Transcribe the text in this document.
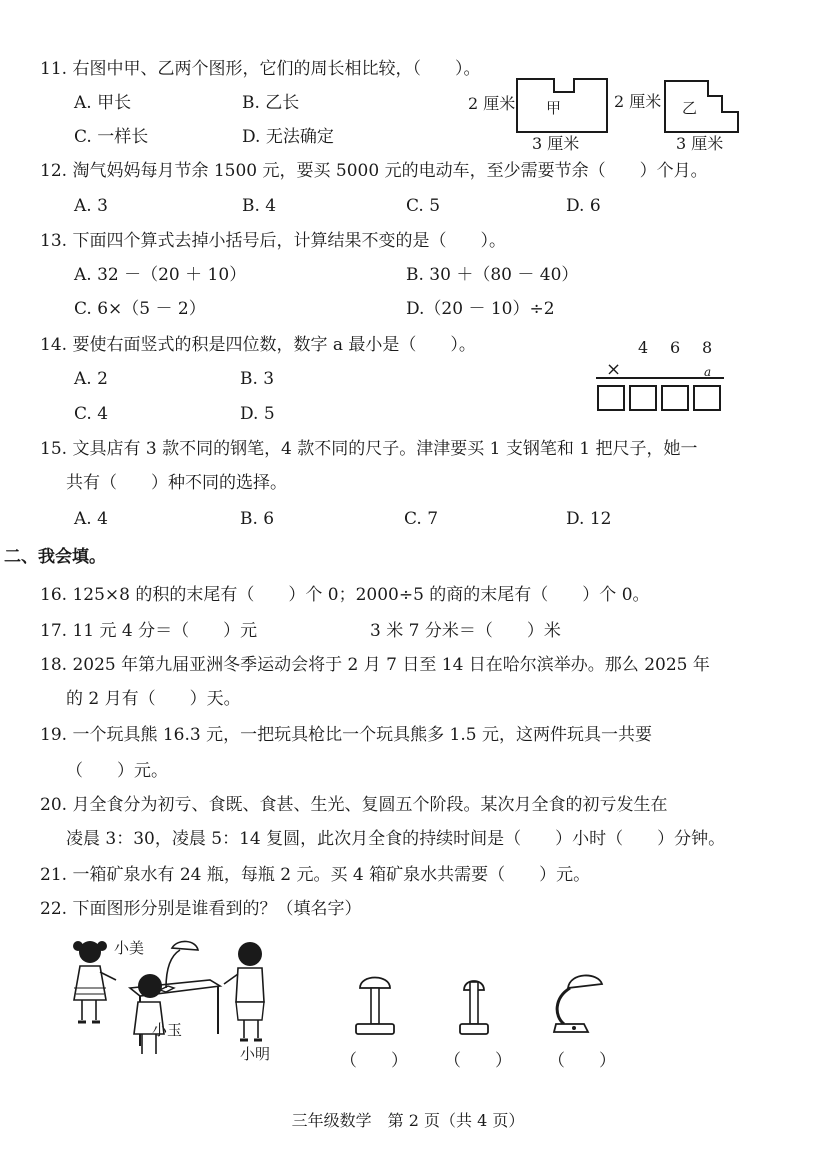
11. 右图中甲、乙两个图形，它们的周长相比较，（　　）。
A. 甲长	B. 乙长
C. 一样长	D. 无法确定
2 厘米 甲
3 厘米
2 厘米 乙
3 厘米
12. 淘气妈妈每月节余 1500 元，要买 5000 元的电动车，至少需要节余（　　）个月。
A. 3	B. 4	C. 5	D. 6
13. 下面四个算式去掉小括号后，计算结果不变的是（　　）。
A. 32 －（20 ＋ 10）	B. 30 ＋（80 － 40）
C. 6×（5 － 2）	D.（20 － 10）÷2
14. 要使右面竖式的积是四位数，数字 a 最小是（　　）。
A. 2	B. 3
C. 4	D. 5
4 6 8
×	a
15. 文具店有 3 款不同的钢笔，4 款不同的尺子。津津要买 1 支钢笔和 1 把尺子，她一
共有（　　）种不同的选择。
A. 4	B. 6	C. 7	D. 12
二、我会填。
16. 125×8 的积的末尾有（　　）个 0；2000÷5 的商的末尾有（　　）个 0。
17. 11 元 4 分＝（　　）元	3 米 7 分米＝（　　）米
18. 2025 年第九届亚洲冬季运动会将于 2 月 7 日至 14 日在哈尔滨举办。那么 2025 年
的 2 月有（　　）天。
19. 一个玩具熊 16.3 元，一把玩具枪比一个玩具熊多 1.5 元，这两件玩具一共要
（　　）元。
20. 月全食分为初亏、食既、食甚、生光、复圆五个阶段。某次月全食的初亏发生在
凌晨 3：30，凌晨 5：14 复圆，此次月全食的持续时间是（　　）小时（　　）分钟。
21. 一箱矿泉水有 24 瓶，每瓶 2 元。买 4 箱矿泉水共需要（　　）元。
22. 下面图形分别是谁看到的？（填名字）
小美
小玉
小明	（　　） （　　） （　　）
三年级数学　第 2 页（共 4 页）
